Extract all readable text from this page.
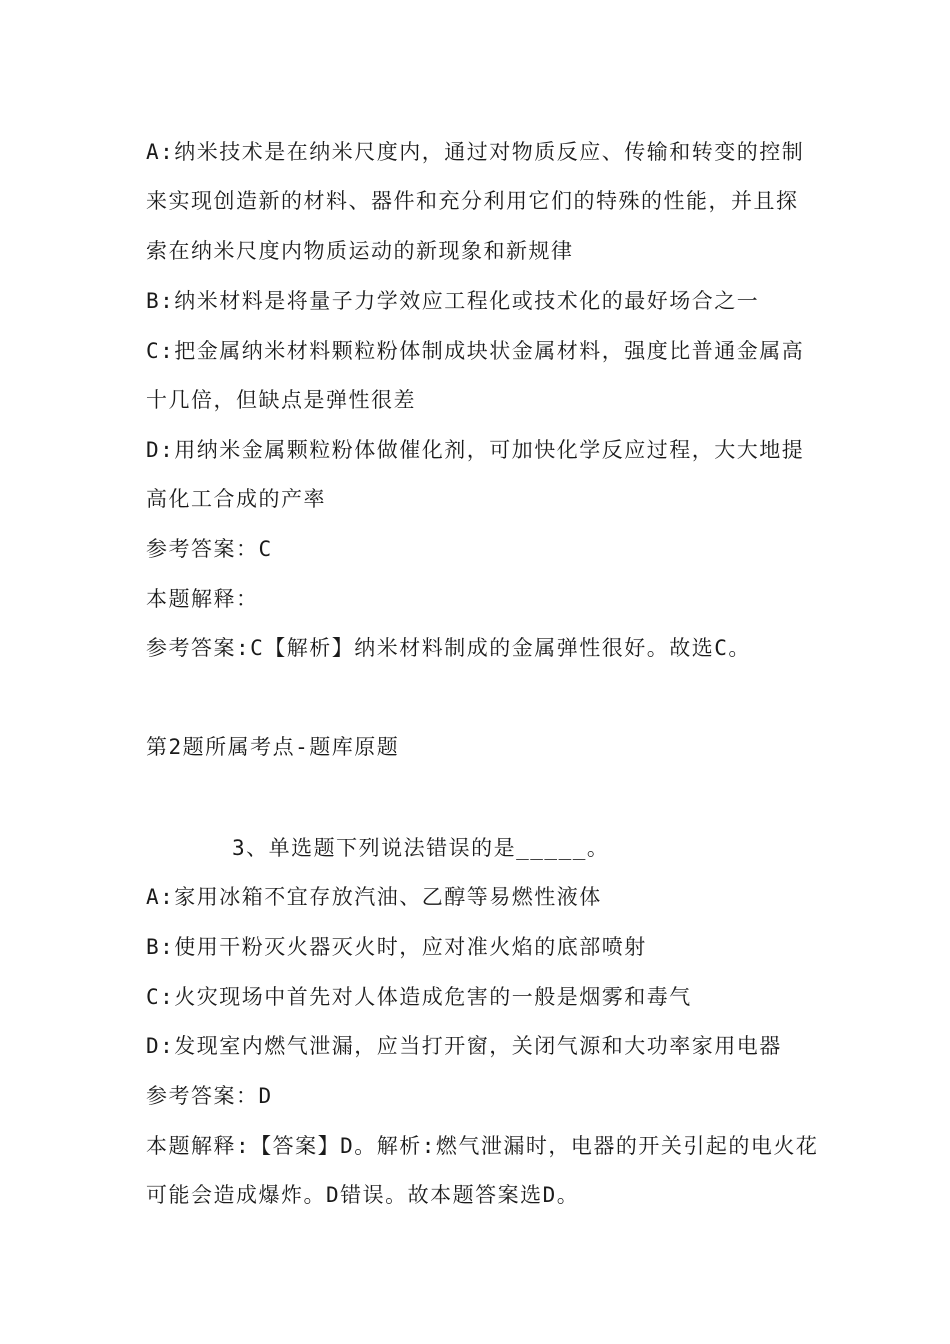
A:纳米技术是在纳米尺度内，通过对物质反应、传输和转变的控制
来实现创造新的材料、器件和充分利用它们的特殊的性能，并且探
索在纳米尺度内物质运动的新现象和新规律
B:纳米材料是将量子力学效应工程化或技术化的最好场合之一
C:把金属纳米材料颗粒粉体制成块状金属材料，强度比普通金属高
十几倍，但缺点是弹性很差
D:用纳米金属颗粒粉体做催化剂，可加快化学反应过程，大大地提
高化工合成的产率
参考答案：C
本题解释：
参考答案:C【解析】纳米材料制成的金属弹性很好。故选C。
第2题所属考点-题库原题
3、单选题下列说法错误的是_____。
A:家用冰箱不宜存放汽油、乙醇等易燃性液体
B:使用干粉灭火器灭火时，应对准火焰的底部喷射
C:火灾现场中首先对人体造成危害的一般是烟雾和毒气
D:发现室内燃气泄漏，应当打开窗，关闭气源和大功率家用电器
参考答案：D
本题解释:【答案】D。解析:燃气泄漏时，电器的开关引起的电火花
可能会造成爆炸。D错误。故本题答案选D。
